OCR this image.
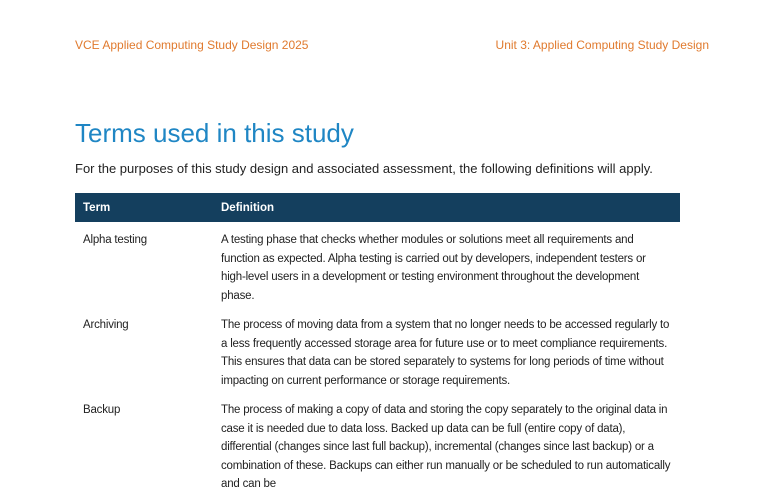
VCE Applied Computing Study Design 2025	Unit 3: Applied Computing Study Design
Terms used in this study
For the purposes of this study design and associated assessment, the following definitions will apply.
Term	Definition
Alpha testing	A testing phase that checks whether modules or solutions meet all requirements and function as expected. Alpha testing is carried out by developers, independent testers or high-level users in a development or testing environment throughout the development phase.
Archiving	The process of moving data from a system that no longer needs to be accessed regularly to a less frequently accessed storage area for future use or to meet compliance requirements. This ensures that data can be stored separately to systems for long periods of time without impacting on current performance or storage requirements.
Backup	The process of making a copy of data and storing the copy separately to the original data in case it is needed due to data loss. Backed up data can be full (entire copy of data), differential (changes since last full backup), incremental (changes since last backup) or a combination of these. Backups can either run manually or be scheduled to run automatically and can be
